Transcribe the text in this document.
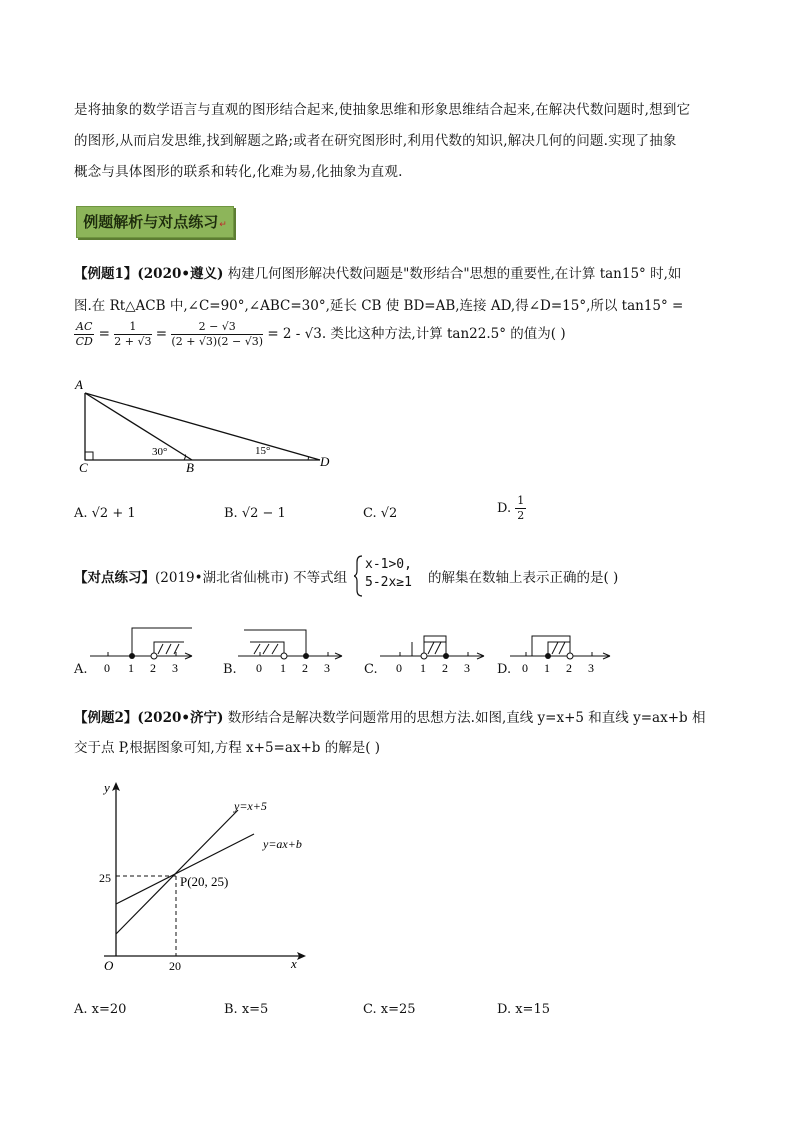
是将抽象的数学语言与直观的图形结合起来,使抽象思维和形象思维结合起来,在解决代数问题时,想到它
的图形,从而启发思维,找到解题之路;或者在研究图形时,利用代数的知识,解决几何的问题.实现了抽象
概念与具体图形的联系和转化,化难为易,化抽象为直观.
例题解析与对点练习↵
【例题1】(2020•遵义) 构建几何图形解决代数问题是"数形结合"思想的重要性,在计算 tan15° 时,如
图.在 Rt△ACB 中,∠C=90°,∠ABC=30°,延长 CB 使 BD=AB,连接 AD,得∠D=15°,所以 tan15° =
$\frac{AC}{CD} = \frac{1}{2 + √3} = \frac{2 - √3}{(2 + √3)(2 - √3)} = 2 - √3$. 类比这种方法,计算 tan22.5° 的值为( )
A
C	B	D
30°	15°
A. √2 + 1	B. √2 − 1	C. √2	D. $\frac{1}{2}$
【对点练习】(2019•湖北省仙桃市) 不等式组
x-1>0,
5-2x≥1 的解集在数轴上表示正确的是( )
A. 0 1 2 3	B. 0 1 2 3	C. 0 1 2 3 D. 0 1 2 3
【例题2】(2020•济宁) 数形结合是解决数学问题常用的思想方法.如图,直线 y=x+5 和直线 y=ax+b 相
交于点 P,根据图象可知,方程 x+5=ax+b 的解是( )
y
x
O
25
20
P(20, 25)
y=x+5
y=ax+b
A. x=20	B. x=5	C. x=25	D. x=15
